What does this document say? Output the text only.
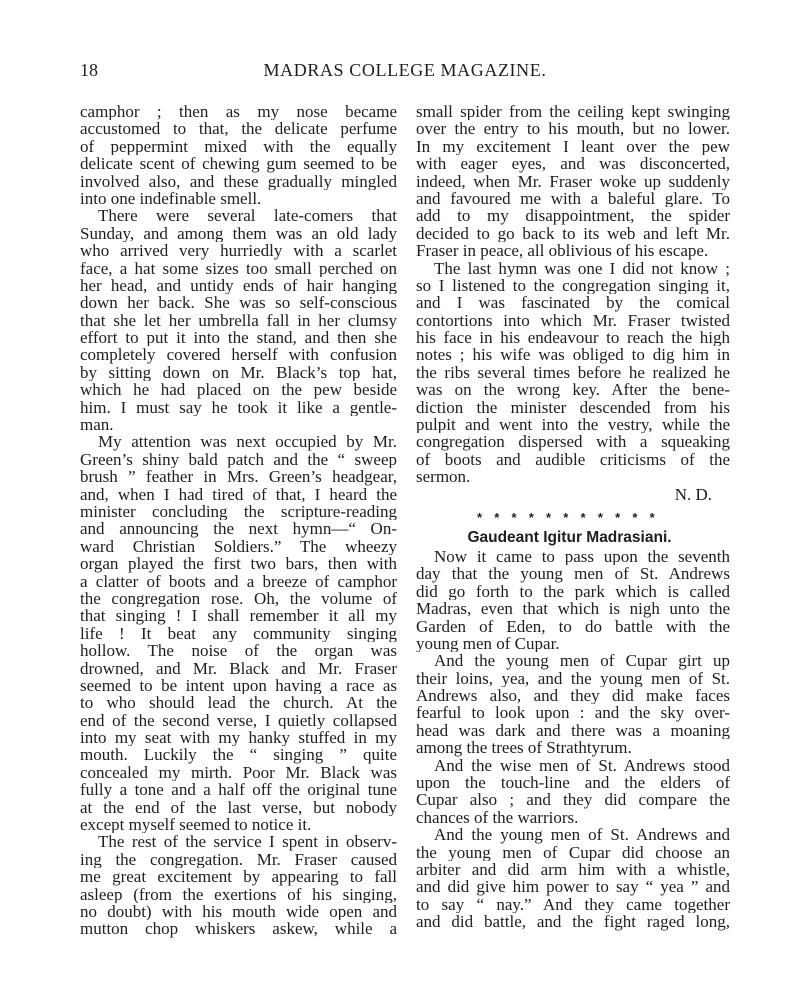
18	MADRAS COLLEGE MAGAZINE.
camphor ; then as my nose became
accustomed to that, the delicate perfume
of peppermint mixed with the equally
delicate scent of chewing gum seemed to be
involved also, and these gradually mingled
into one indefinable smell.
There were several late-comers that
Sunday, and among them was an old lady
who arrived very hurriedly with a scarlet
face, a hat some sizes too small perched on
her head, and untidy ends of hair hanging
down her back. She was so self-conscious
that she let her umbrella fall in her clumsy
effort to put it into the stand, and then she
completely covered herself with confusion
by sitting down on Mr. Black’s top hat,
which he had placed on the pew beside
him. I must say he took it like a gentle-
man.
My attention was next occupied by Mr.
Green’s shiny bald patch and the “ sweep
brush ” feather in Mrs. Green’s headgear,
and, when I had tired of that, I heard the
minister concluding the scripture-reading
and announcing the next hymn—“ On-
ward Christian Soldiers.” The wheezy
organ played the first two bars, then with
a clatter of boots and a breeze of camphor
the congregation rose. Oh, the volume of
that singing ! I shall remember it all my
life ! It beat any community singing
hollow. The noise of the organ was
drowned, and Mr. Black and Mr. Fraser
seemed to be intent upon having a race as
to who should lead the church. At the
end of the second verse, I quietly collapsed
into my seat with my hanky stuffed in my
mouth. Luckily the “ singing ” quite
concealed my mirth. Poor Mr. Black was
fully a tone and a half off the original tune
at the end of the last verse, but nobody
except myself seemed to notice it.
The rest of the service I spent in observ-
ing the congregation. Mr. Fraser caused
me great excitement by appearing to fall
asleep (from the exertions of his singing,
no doubt) with his mouth wide open and
mutton chop whiskers askew, while a
small spider from the ceiling kept swinging
over the entry to his mouth, but no lower.
In my excitement I leant over the pew
with eager eyes, and was disconcerted,
indeed, when Mr. Fraser woke up suddenly
and favoured me with a baleful glare. To
add to my disappointment, the spider
decided to go back to its web and left Mr.
Fraser in peace, all oblivious of his escape.
The last hymn was one I did not know ;
so I listened to the congregation singing it,
and I was fascinated by the comical
contortions into which Mr. Fraser twisted
his face in his endeavour to reach the high
notes ; his wife was obliged to dig him in
the ribs several times before he realized he
was on the wrong key. After the bene-
diction the minister descended from his
pulpit and went into the vestry, while the
congregation dispersed with a squeaking
of boots and audible criticisms of the
sermon.
N. D.
* * * * * * * * * * *
Gaudeant Igitur Madrasiani.
Now it came to pass upon the seventh
day that the young men of St. Andrews
did go forth to the park which is called
Madras, even that which is nigh unto the
Garden of Eden, to do battle with the
young men of Cupar.
And the young men of Cupar girt up
their loins, yea, and the young men of St.
Andrews also, and they did make faces
fearful to look upon : and the sky over-
head was dark and there was a moaning
among the trees of Strathtyrum.
And the wise men of St. Andrews stood
upon the touch-line and the elders of
Cupar also ; and they did compare the
chances of the warriors.
And the young men of St. Andrews and
the young men of Cupar did choose an
arbiter and did arm him with a whistle,
and did give him power to say “ yea ” and
to say “ nay.” And they came together
and did battle, and the fight raged long,
